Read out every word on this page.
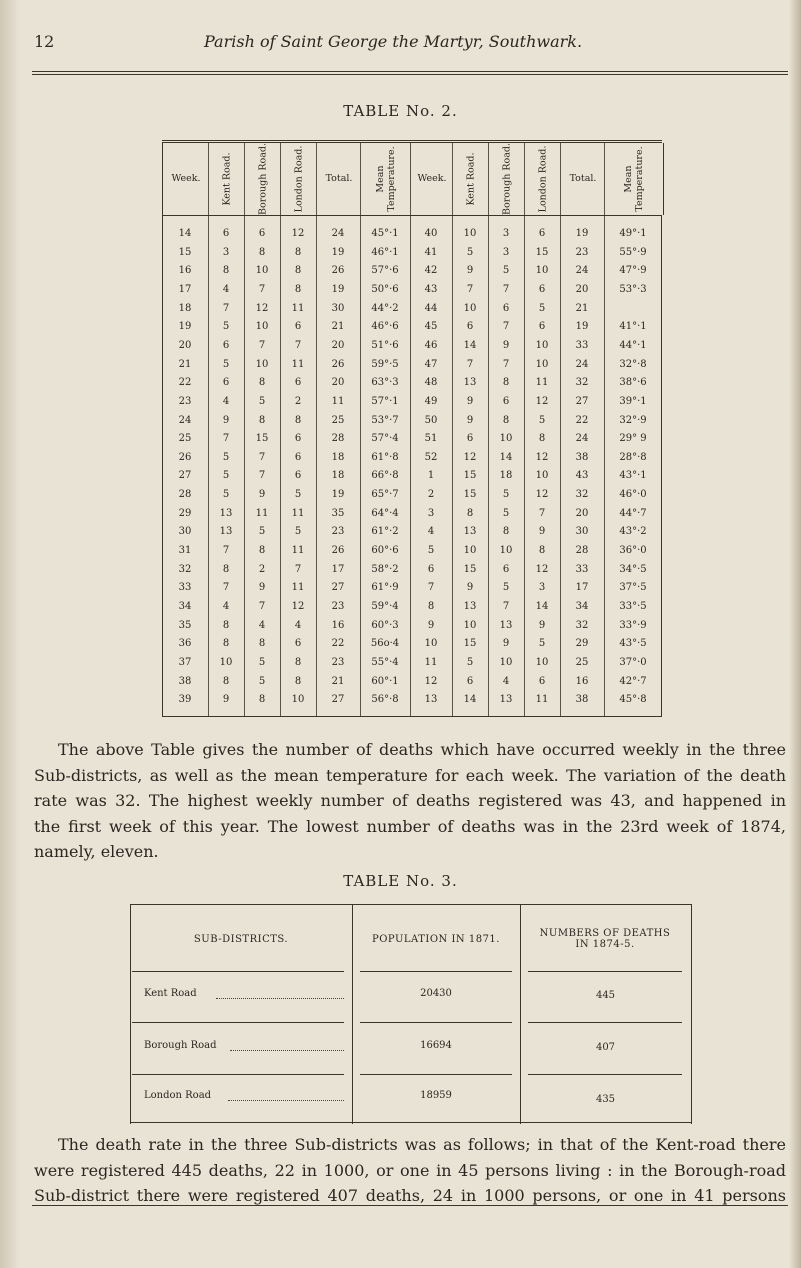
12	Parish of Saint George the Martyr, Southwark.
TABLE No. 2.
Week.	Kent Road.	Borough Road.	London Road.	Total.	Mean Temperature.	Week.	Kent Road.	Borough Road.	London Road.	Total.	Mean Temperature.
14	6	6	12	24	45°·1	40	10	3	6	19	49°·1
15	3	8	8	19	46°·1	41	5	3	15	23	55°·9
16	8	10	8	26	57°·6	42	9	5	10	24	47°·9
17	4	7	8	19	50°·6	43	7	7	6	20	53°·3
18	7	12	11	30	44°·2	44	10	6	5	21
19	5	10	6	21	46°·6	45	6	7	6	19	41°·1
20	6	7	7	20	51°·6	46	14	9	10	33	44°·1
21	5	10	11	26	59°·5	47	7	7	10	24	32°·8
22	6	8	6	20	63°·3	48	13	8	11	32	38°·6
23	4	5	2	11	57°·1	49	9	6	12	27	39°·1
24	9	8	8	25	53°·7	50	9	8	5	22	32°·9
25	7	15	6	28	57°·4	51	6	10	8	24	29° 9
26	5	7	6	18	61°·8	52	12	14	12	38	28°·8
27	5	7	6	18	66°·8	1	15	18	10	43	43°·1
28	5	9	5	19	65°·7	2	15	5	12	32	46°·0
29	13	11	11	35	64°·4	3	8	5	7	20	44°·7
30	13	5	5	23	61°·2	4	13	8	9	30	43°·2
31	7	8	11	26	60°·6	5	10	10	8	28	36°·0
32	8	2	7	17	58°·2	6	15	6	12	33	34°·5
33	7	9	11	27	61°·9	7	9	5	3	17	37°·5
34	4	7	12	23	59°·4	8	13	7	14	34	33°·5
35	8	4	4	16	60°·3	9	10	13	9	32	33°·9
36	8	8	6	22	56o·4	10	15	9	5	29	43°·5
37	10	5	8	23	55°·4	11	5	10	10	25	37°·0
38	8	5	8	21	60°·1	12	6	4	6	16	42°·7
39	9	8	10	27	56°·8	13	14	13	11	38	45°·8
The above Table gives the number of deaths which have occurred weekly in the three
Sub-districts, as well as the mean temperature for each week. The variation of the death
rate was 32. The highest weekly number of deaths registered was 43, and happened in
the first week of this year. The lowest number of deaths was in the 23rd week of 1874,
namely, eleven.
TABLE No. 3.
SUB-DISTRICTS.	POPULATION IN 1871.
NUMBERS OF DEATHS IN 1874-5.
Kent Road	20430	445
Borough Road	16694	407
London Road	18959	435
The death rate in the three Sub-districts was as follows; in that of the Kent-road there
were registered 445 deaths, 22 in 1000, or one in 45 persons living : in the Borough-road
Sub-district there were registered 407 deaths, 24 in 1000 persons, or one in 41 persons
